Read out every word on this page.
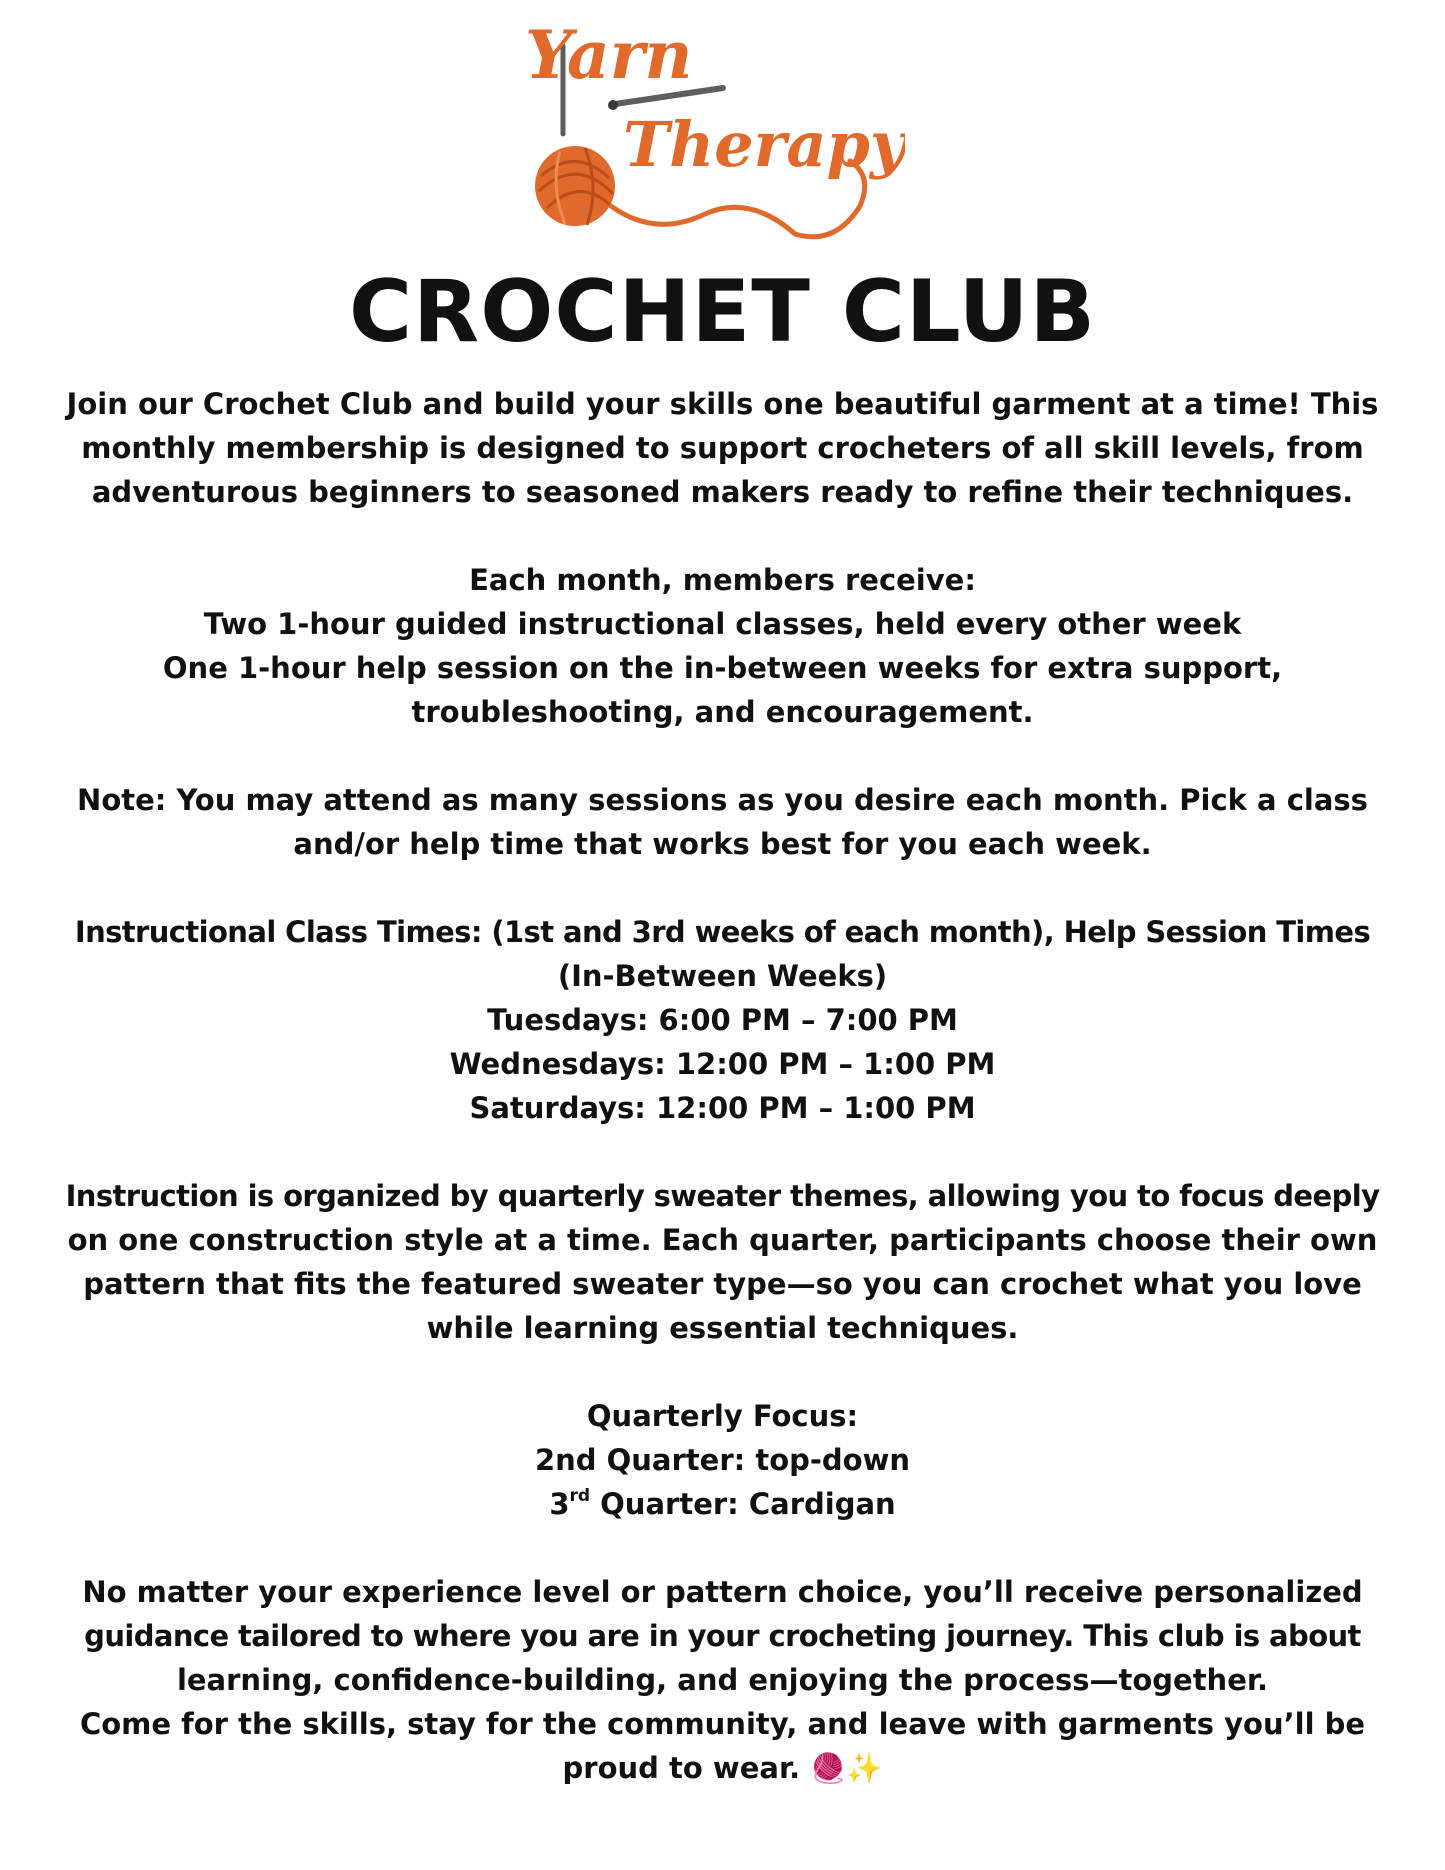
Yarn
Therapy
CROCHET CLUB

Join our Crochet Club and build your skills one beautiful garment at a time! This
monthly membership is designed to support crocheters of all skill levels, from
adventurous beginners to seasoned makers ready to refine their techniques.

Each month, members receive:
Two 1-hour guided instructional classes, held every other week
One 1-hour help session on the in-between weeks for extra support,
troubleshooting, and encouragement.

Note: You may attend as many sessions as you desire each month. Pick a class
and/or help time that works best for you each week.

Instructional Class Times: (1st and 3rd weeks of each month), Help Session Times
(In-Between Weeks)
Tuesdays: 6:00 PM – 7:00 PM
Wednesdays: 12:00 PM – 1:00 PM
Saturdays: 12:00 PM – 1:00 PM

Instruction is organized by quarterly sweater themes, allowing you to focus deeply
on one construction style at a time. Each quarter, participants choose their own
pattern that fits the featured sweater type—so you can crochet what you love
while learning essential techniques.

Quarterly Focus:
2nd Quarter: top-down
3rd Quarter: Cardigan

No matter your experience level or pattern choice, you’ll receive personalized
guidance tailored to where you are in your crocheting journey. This club is about
learning, confidence-building, and enjoying the process—together.
Come for the skills, stay for the community, and leave with garments you’ll be
proud to wear. 🧶✨
